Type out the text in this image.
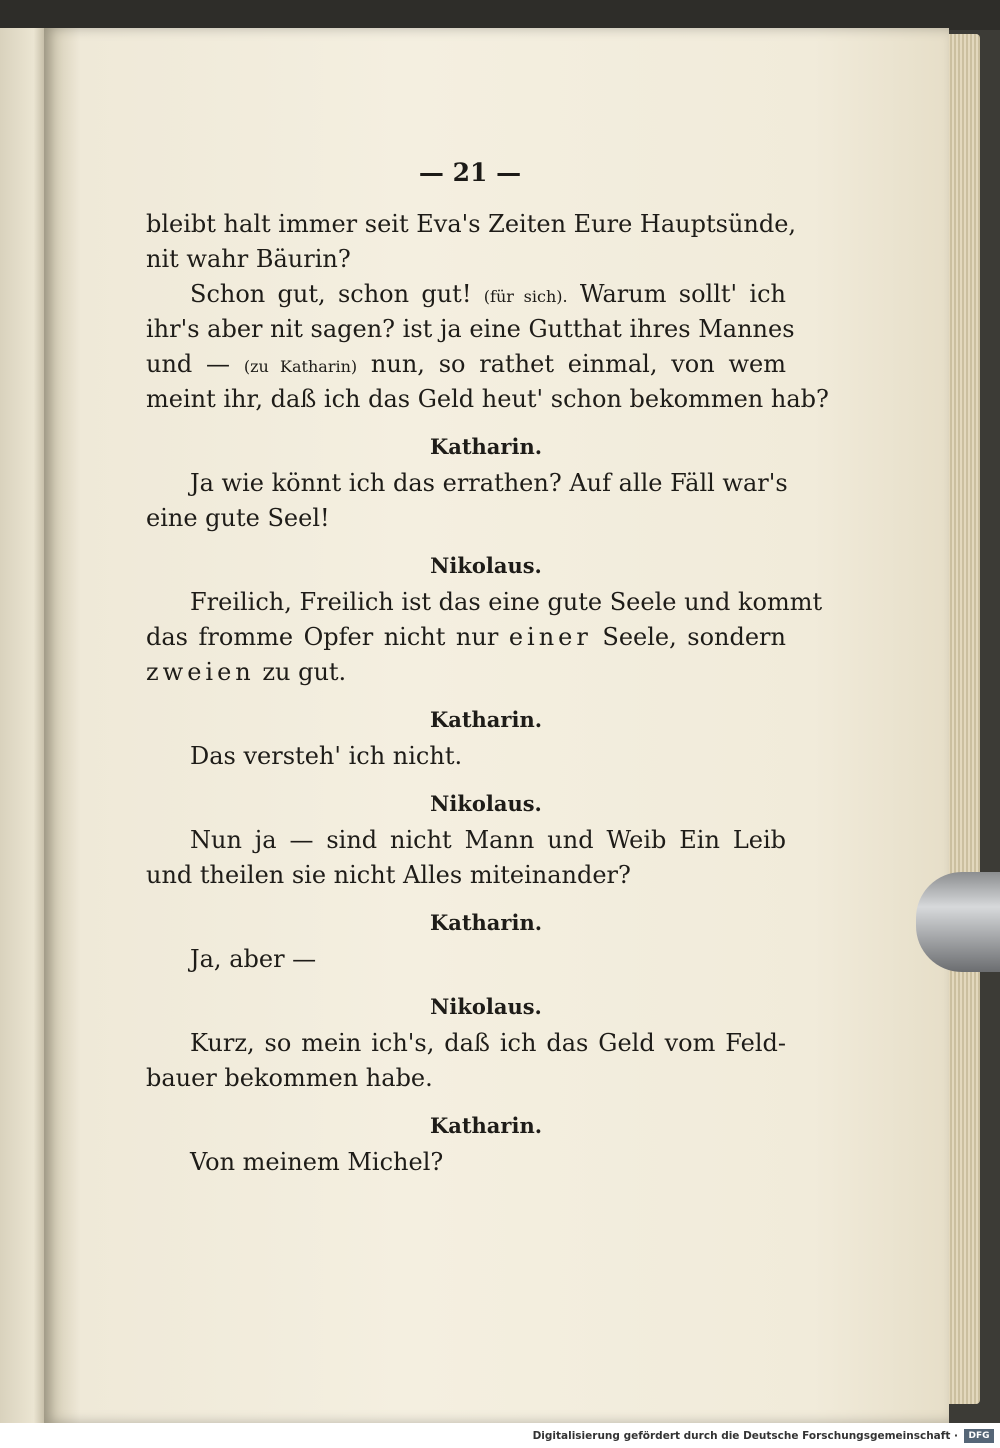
— 21 —
bleibt halt immer seit Eva's Zeiten Eure Hauptsünde,
nit wahr Bäurin?
Schon gut, schon gut! (für sich). Warum sollt' ich
ihr's aber nit sagen? ist ja eine Gutthat ihres Mannes
und — (zu Katharin) nun, so rathet einmal, von wem
meint ihr, daß ich das Geld heut' schon bekommen hab?
Katharin.
Ja wie könnt ich das errathen? Auf alle Fäll war's
eine gute Seel!
Nikolaus.
Freilich, Freilich ist das eine gute Seele und kommt
das fromme Opfer nicht nur einer Seele, sondern
zweien zu gut.
Katharin.
Das versteh' ich nicht.
Nikolaus.
Nun ja — sind nicht Mann und Weib Ein Leib
und theilen sie nicht Alles miteinander?
Katharin.
Ja, aber —
Nikolaus.
Kurz, so mein ich's, daß ich das Geld vom Feld-
bauer bekommen habe.
Katharin.
Von meinem Michel?
Digitalisierung gefördert durch die Deutsche Forschungsgemeinschaft ·	DFG
